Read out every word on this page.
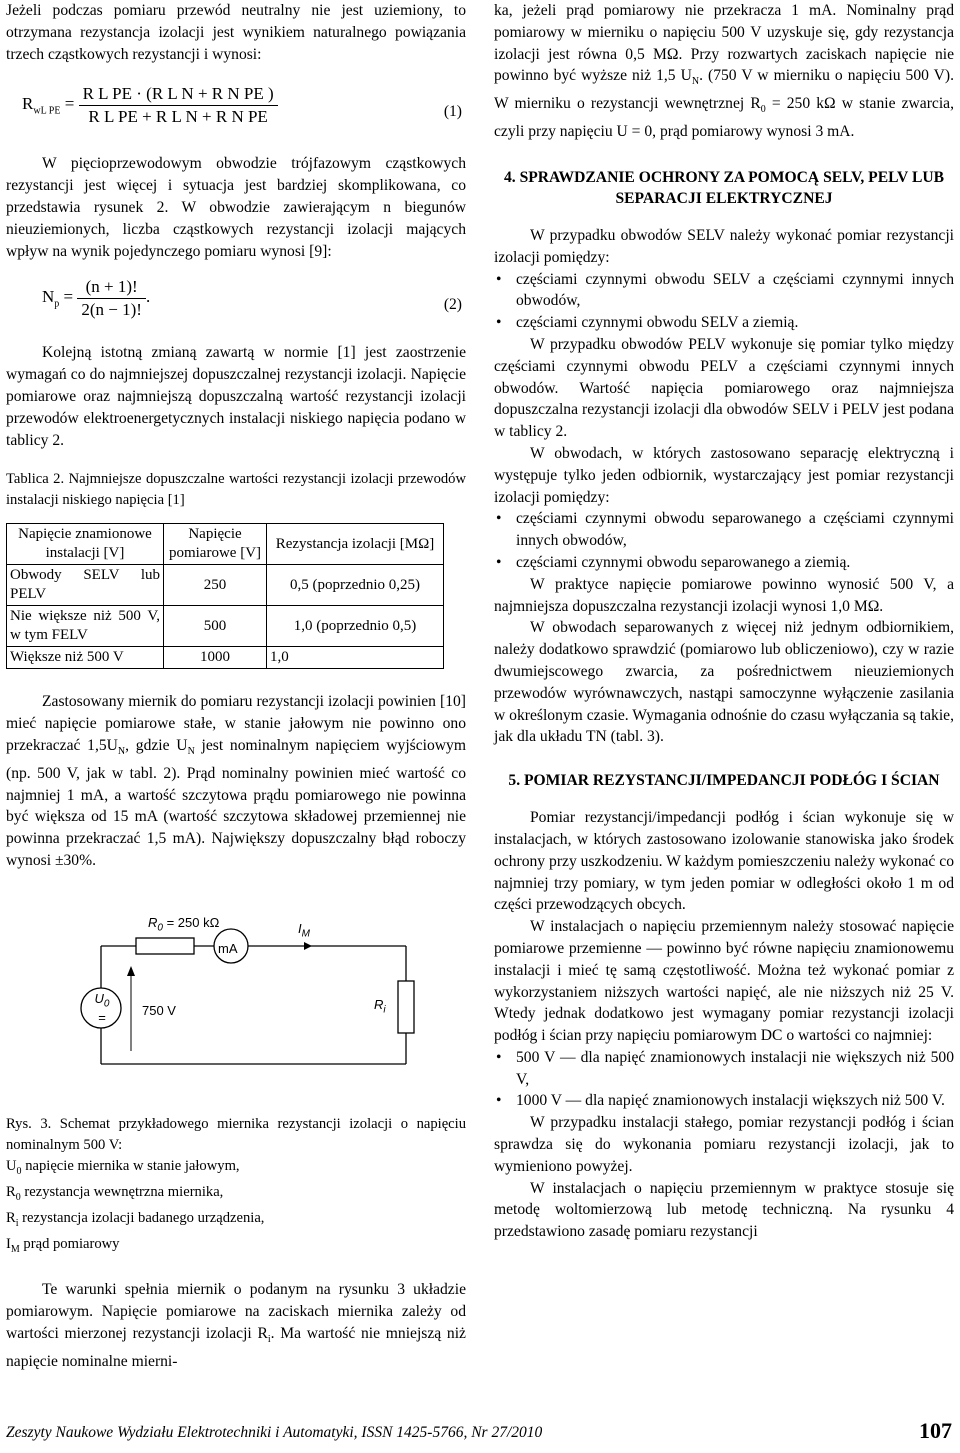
Jeżeli podczas pomiaru przewód neutralny nie jest uziemiony, to otrzymana rezystancja izolacji jest wynikiem naturalnego powiązania trzech cząstkowych rezystancji i wynosi:

$R_{wL PE} = \frac{\text{R L PE · (R L N + R N PE )}}{\text{R L PE + R L N + R N PE}}$	(1)

W pięcioprzewodowym obwodzie trójfazowym cząstkowych rezystancji jest więcej i sytuacja jest bardziej skomplikowana, co przedstawia rysunek 2. W obwodzie zawierającym n biegunów nieuziemionych, liczba cząstkowych rezystancji izolacji mających wpływ na wynik pojedynczego pomiaru wynosi [9]:

$N_p = \frac{(n + 1)!}{2(n - 1)!}$ .	(2)

Kolejną istotną zmianą zawartą w normie [1] jest zaostrzenie wymagań co do najmniejszej dopuszczalnej rezystancji izolacji. Napięcie pomiarowe oraz najmniejszą dopuszczalną wartość rezystancji izolacji przewodów elektroenergetycznych instalacji niskiego napięcia podano w tablicy 2.

Tablica 2. Najmniejsze dopuszczalne wartości rezystancji izolacji przewodów instalacji niskiego napięcia [1]

Napięcie znamionowe instalacji [V]	Napięcie pomiarowe [V]	Rezystancja izolacji [MΩ]
Obwody SELV lub PELV	250	0,5 (poprzednio 0,25)
Nie większe niż 500 V, w tym FELV	500	1,0 (poprzednio 0,5)
Większe niż 500 V	1000	1,0

Zastosowany miernik do pomiaru rezystancji izolacji powinien [10] mieć napięcie pomiarowe stałe, w stanie jałowym nie powinno ono przekraczać $1,5U_N$, gdzie $U_N$ jest nominalnym napięciem wyjściowym (np. 500 V, jak w tabl. 2). Prąd nominalny powinien mieć wartość co najmniej 1 mA, a wartość szczytowa prądu pomiarowego nie powinna być większa od 15 mA (wartość szczytowa składowej przemiennej nie powinna przekraczać 1,5 mA). Największy dopuszczalny błąd roboczy wynosi ±30%.

$R_0 = 250$ kΩ
mA
$I_M$
$U_0$
=
750 V	$R_i$

Rys. 3. Schemat przykładowego miernika rezystancji izolacji o napięciu nominalnym 500 V:

$U_0$ napięcie miernika w stanie jałowym,

$R_0$ rezystancja wewnętrzna miernika,

$R_i$ rezystancja izolacji badanego urządzenia,

$I_M$ prąd pomiarowy

Te warunki spełnia miernik o podanym na rysunku 3 układzie pomiarowym. Napięcie pomiarowe na zaciskach miernika zależy od wartości mierzonej rezystancji izolacji $R_i$. Ma wartość nie mniejszą niż napięcie nominalne mierni-

ka, jeżeli prąd pomiarowy nie przekracza 1 mA. Nominalny prąd pomiarowy w mierniku o napięciu 500 V uzyskuje się, gdy rezystancja izolacji jest równa 0,5 MΩ. Przy rozwartych zaciskach napięcie nie powinno być wyższe niż 1,5 $U_N$. (750 V w mierniku o napięciu 500 V). W mierniku o rezystancji wewnętrznej $R_0 = 250$ kΩ w stanie zwarcia, czyli przy napięciu U = 0, prąd pomiarowy wynosi 3 mA.

4. SPRAWDZANIE OCHRONY ZA POMOCĄ SELV, PELV LUB SEPARACJI ELEKTRYCZNEJ

W przypadku obwodów SELV należy wykonać pomiar rezystancji izolacji pomiędzy:

• częściami czynnymi obwodu SELV a częściami czynnymi innych obwodów,
• częściami czynnymi obwodu SELV a ziemią.

W przypadku obwodów PELV wykonuje się pomiar tylko między częściami czynnymi obwodu PELV a częściami czynnymi innych obwodów. Wartość napięcia pomiarowego oraz najmniejsza dopuszczalna rezystancji izolacji dla obwodów SELV i PELV jest podana w tablicy 2.

W obwodach, w których zastosowano separację elektryczną i występuje tylko jeden odbiornik, wystarczający jest pomiar rezystancji izolacji pomiędzy:

• częściami czynnymi obwodu separowanego a częściami czynnymi innych obwodów,
• częściami czynnymi obwodu separowanego a ziemią.

W praktyce napięcie pomiarowe powinno wynosić 500 V, a najmniejsza dopuszczalna rezystancji izolacji wynosi 1,0 MΩ.

W obwodach separowanych z więcej niż jednym odbiornikiem, należy dodatkowo sprawdzić (pomiarowo lub obliczeniowo), czy w razie dwumiejscowego zwarcia, za pośrednictwem nieuziemionych przewodów wyrównawczych, nastąpi samoczynne wyłączenie zasilania w określonym czasie. Wymagania odnośnie do czasu wyłączania są takie, jak dla układu TN (tabl. 3).

5. POMIAR REZYSTANCJI/IMPEDANCJI PODŁÓG I ŚCIAN

Pomiar rezystancji/impedancji podłóg i ścian wykonuje się w instalacjach, w których zastosowano izolowanie stanowiska jako środek ochrony przy uszkodzeniu. W każdym pomieszczeniu należy wykonać co najmniej trzy pomiary, w tym jeden pomiar w odległości około 1 m od części przewodzących obcych.

W instalacjach o napięciu przemiennym należy stosować napięcie pomiarowe przemienne — powinno być równe napięciu znamionowemu instalacji i mieć tę samą częstotliwość. Można też wykonać pomiar z wykorzystaniem niższych wartości napięć, ale nie niższych niż 25 V. Wtedy jednak dodatkowo jest wymagany pomiar rezystancji izolacji podłóg i ścian przy napięciu pomiarowym DC o wartości co najmniej:

• 500 V — dla napięć znamionowych instalacji nie większych niż 500 V,
• 1000 V — dla napięć znamionowych instalacji większych niż 500 V.

W przypadku instalacji stałego, pomiar rezystancji podłóg i ścian sprawdza się do wykonania pomiaru rezystancji izolacji, jak to wymieniono powyżej.

W instalacjach o napięciu przemiennym w praktyce stosuje się metodę woltomierzową lub metodę techniczną. Na rysunku 4 przedstawiono zasadę pomiaru rezystancji

Zeszyty Naukowe Wydziału Elektrotechniki i Automatyki, ISSN 1425-5766, Nr 27/2010	107
